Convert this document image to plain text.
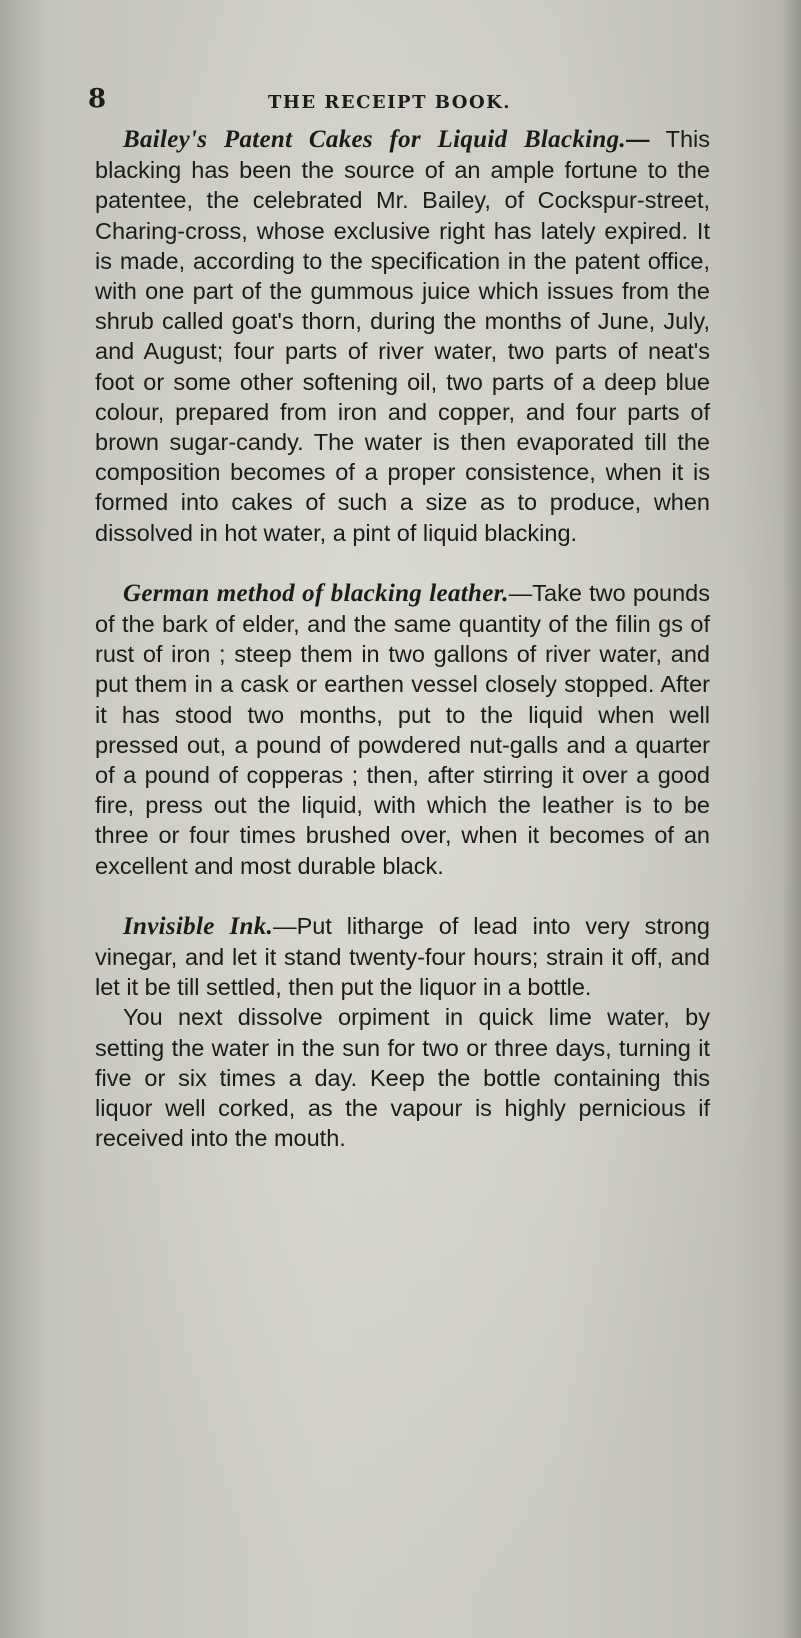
8	THE RECEIPT BOOK.

Bailey's Patent Cakes for Liquid Blacking.— This blacking has been the source of an ample fortune to the patentee, the celebrated Mr. Bailey, of Cockspur-street, Charing-cross, whose exclusive right has lately expired. It is made, according to the specification in the patent office, with one part of the gummous juice which issues from the shrub called goat's thorn, during the months of June, July, and August; four parts of river water, two parts of neat's foot or some other softening oil, two parts of a deep blue colour, prepared from iron and copper, and four parts of brown sugar-candy. The water is then evaporated till the composition becomes of a proper consistence, when it is formed into cakes of such a size as to produce, when dissolved in hot water, a pint of liquid blacking.

German method of blacking leather.—Take two pounds of the bark of elder, and the same quantity of the filin gs of rust of iron ; steep them in two gallons of river water, and put them in a cask or earthen vessel closely stopped. After it has stood two months, put to the liquid when well pressed out, a pound of powdered nut-galls and a quarter of a pound of copperas ; then, after stirring it over a good fire, press out the liquid, with which the leather is to be three or four times brushed over, when it becomes of an excellent and most durable black.

Invisible Ink.—Put litharge of lead into very strong vinegar, and let it stand twenty-four hours; strain it off, and let it be till settled, then put the liquor in a bottle.

You next dissolve orpiment in quick lime water, by setting the water in the sun for two or three days, turning it five or six times a day. Keep the bottle containing this liquor well corked, as the vapour is highly pernicious if received into the mouth.
